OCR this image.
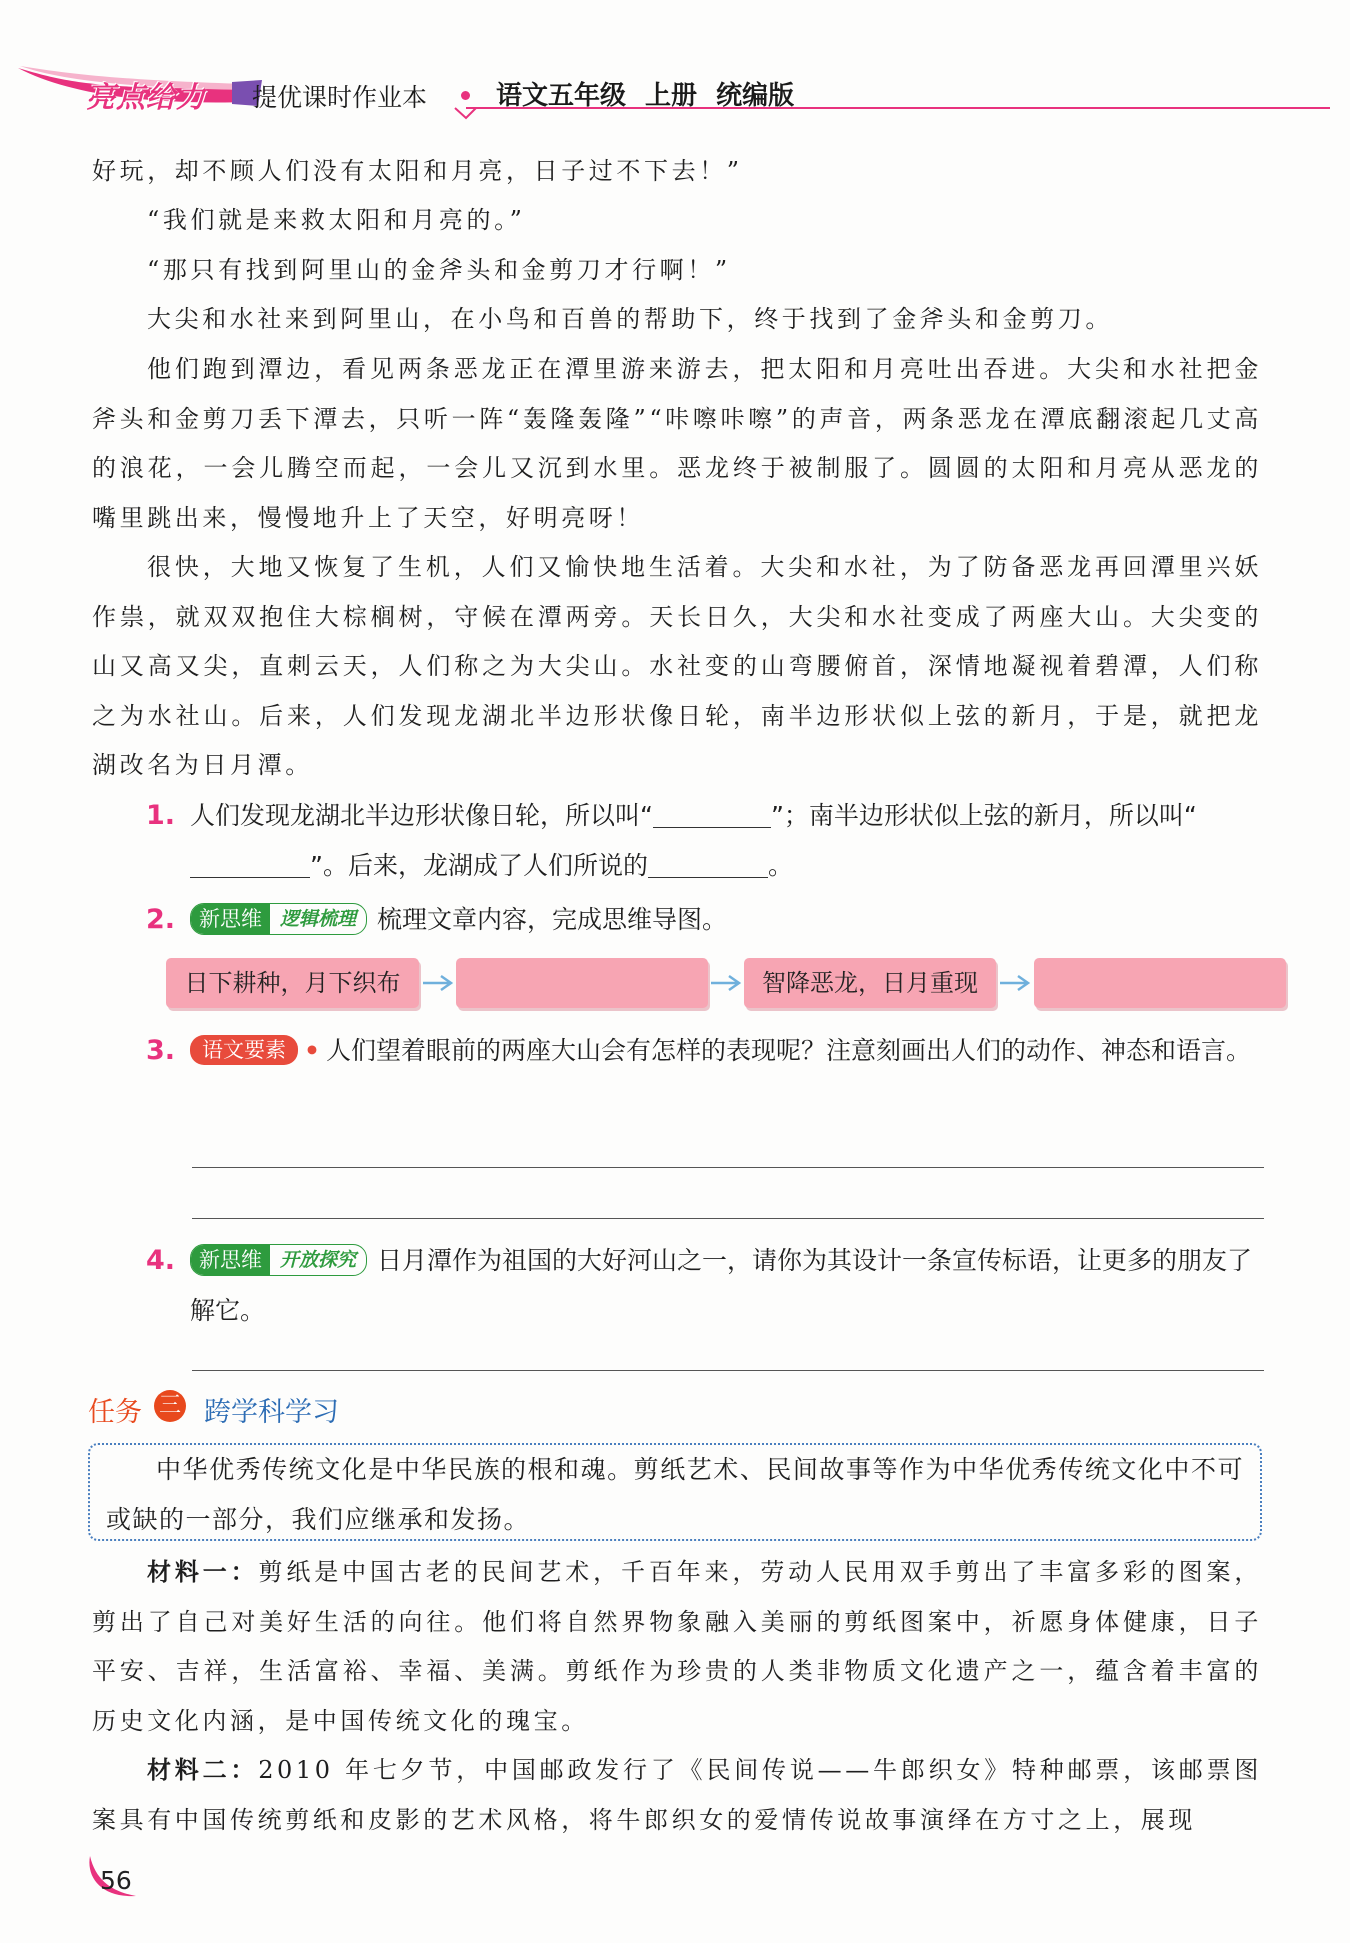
亮点给力 提优课时作业本	语文五年级 上册 统编版

好玩，却不顾人们没有太阳和月亮，日子过不下去！”

“我们就是来救太阳和月亮的。”

“那只有找到阿里山的金斧头和金剪刀才行啊！”

大尖和水社来到阿里山，在小鸟和百兽的帮助下，终于找到了金斧头和金剪刀。

他们跑到潭边，看见两条恶龙正在潭里游来游去，把太阳和月亮吐出吞进。大尖和水社把金斧头和金剪刀丢下潭去，只听一阵“轰隆轰隆”“咔嚓咔嚓”的声音，两条恶龙在潭底翻滚起几丈高的浪花，一会儿腾空而起，一会儿又沉到水里。恶龙终于被制服了。圆圆的太阳和月亮从恶龙的嘴里跳出来，慢慢地升上了天空，好明亮呀！

很快，大地又恢复了生机，人们又愉快地生活着。大尖和水社，为了防备恶龙再回潭里兴妖作祟，就双双抱住大棕榈树，守候在潭两旁。天长日久，大尖和水社变成了两座大山。大尖变的山又高又尖，直刺云天，人们称之为大尖山。水社变的山弯腰俯首，深情地凝视着碧潭，人们称之为水社山。后来，人们发现龙湖北半边形状像日轮，南半边形状似上弦的新月，于是，就把龙湖改名为日月潭。

1. 人们发现龙湖北半边形状像日轮，所以叫“	”；南半边形状似上弦的新月，所以叫“”。后来，龙湖成了人们所说的	。
2.	新思维 逻辑梳理 梳理文章内容，完成思维导图。
日下耕种，月下织布	智降恶龙，日月重现
3.	语文要素 • 人们望着眼前的两座大山会有怎样的表现呢？注意刻画出人们的动作、神态和语言。
4.	新思维 开放探究 日月潭作为祖国的大好河山之一，请你为其设计一条宣传标语，让更多的朋友了解它。
任务 三 跨学科学习

中华优秀传统文化是中华民族的根和魂。剪纸艺术、民间故事等作为中华优秀传统文化中不可或缺的一部分，我们应继承和发扬。

材料一：剪纸是中国古老的民间艺术，千百年来，劳动人民用双手剪出了丰富多彩的图案，剪出了自己对美好生活的向往。他们将自然界物象融入美丽的剪纸图案中，祈愿身体健康，日子平安、吉祥，生活富裕、幸福、美满。剪纸作为珍贵的人类非物质文化遗产之一，蕴含着丰富的历史文化内涵，是中国传统文化的瑰宝。

材料二：2010 年七夕节，中国邮政发行了《民间传说——牛郎织女》特种邮票，该邮票图案具有中国传统剪纸和皮影的艺术风格，将牛郎织女的爱情传说故事演绎在方寸之上，展现

56
